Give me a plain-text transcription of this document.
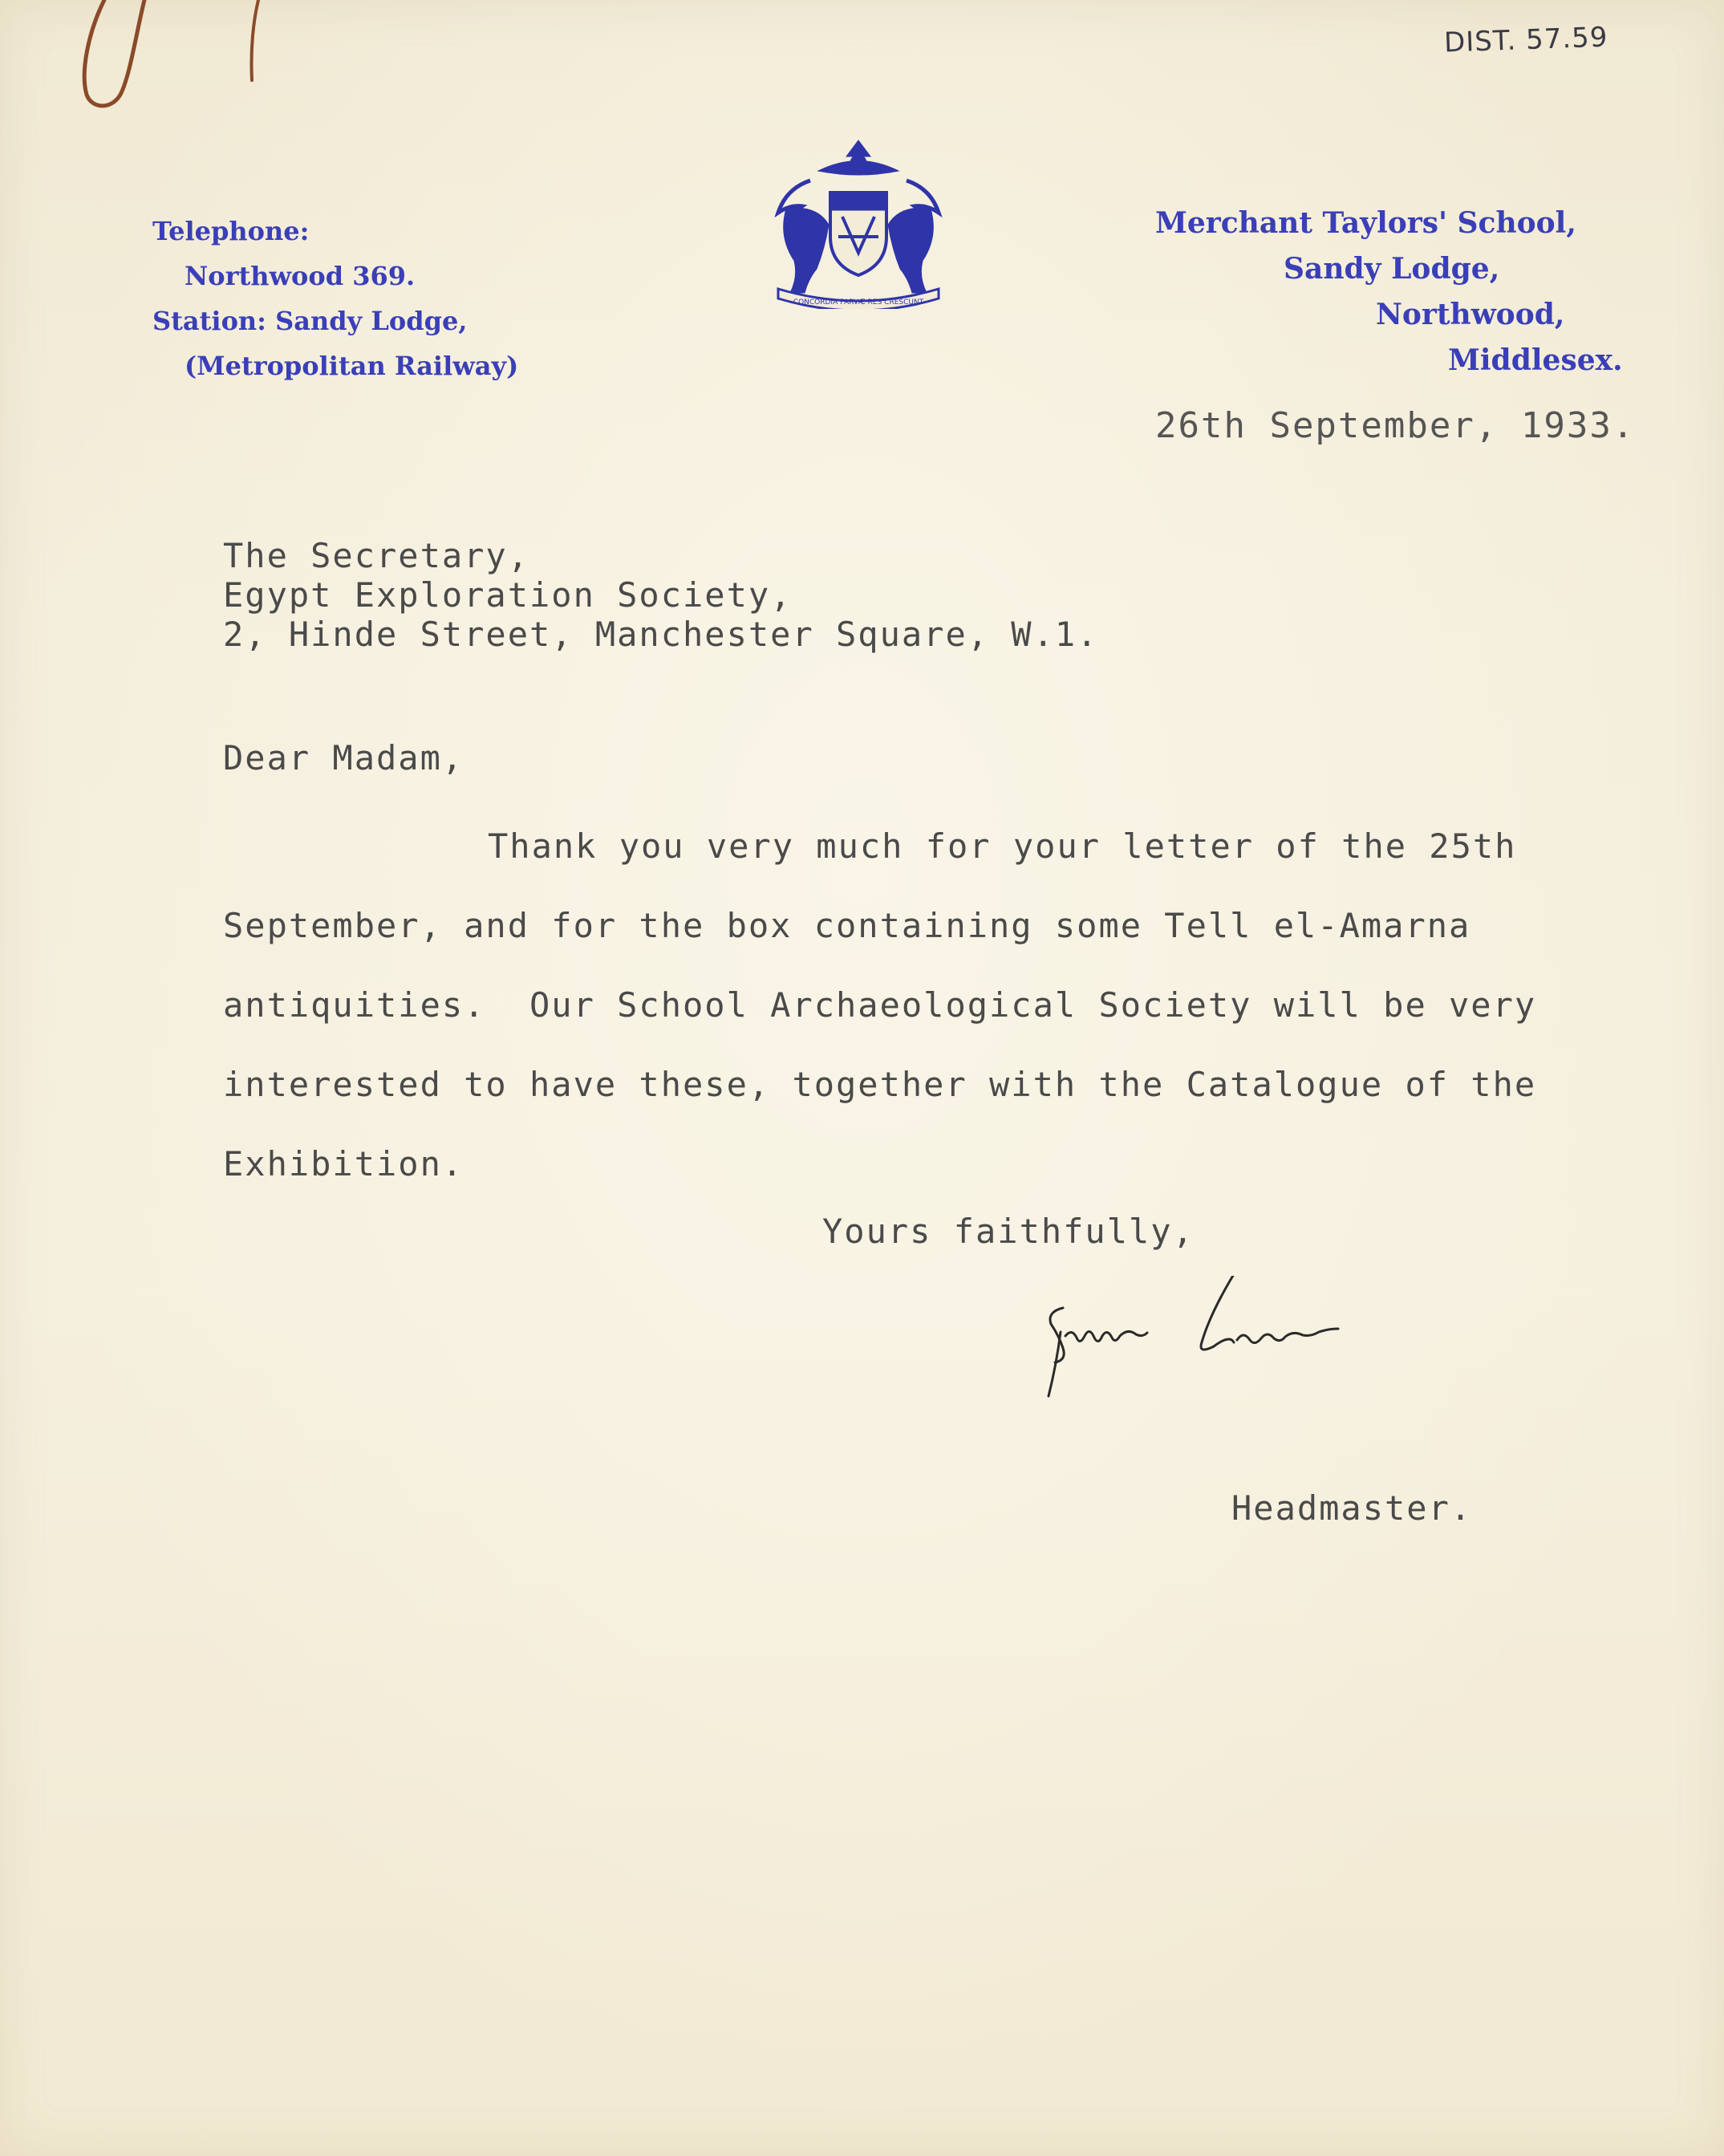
DIST. 57.59
Telephone:
Northwood 369.
Station: Sandy Lodge,
(Metropolitan Railway)
CONCORDIA PARVÆ RES CRESCUNT
Merchant Taylors' School,
Sandy Lodge,
Northwood,
Middlesex.
26th September, 1933.
The Secretary,
Egypt Exploration Society,
2, Hinde Street, Manchester Square, W.1.
Dear Madam,
Thank you very much for your letter of the 25th
September, and for the box containing some Tell el-Amarna
antiquities.  Our School Archaeological Society will be very
interested to have these, together with the Catalogue of the
Exhibition.
Yours faithfully,
Headmaster.
